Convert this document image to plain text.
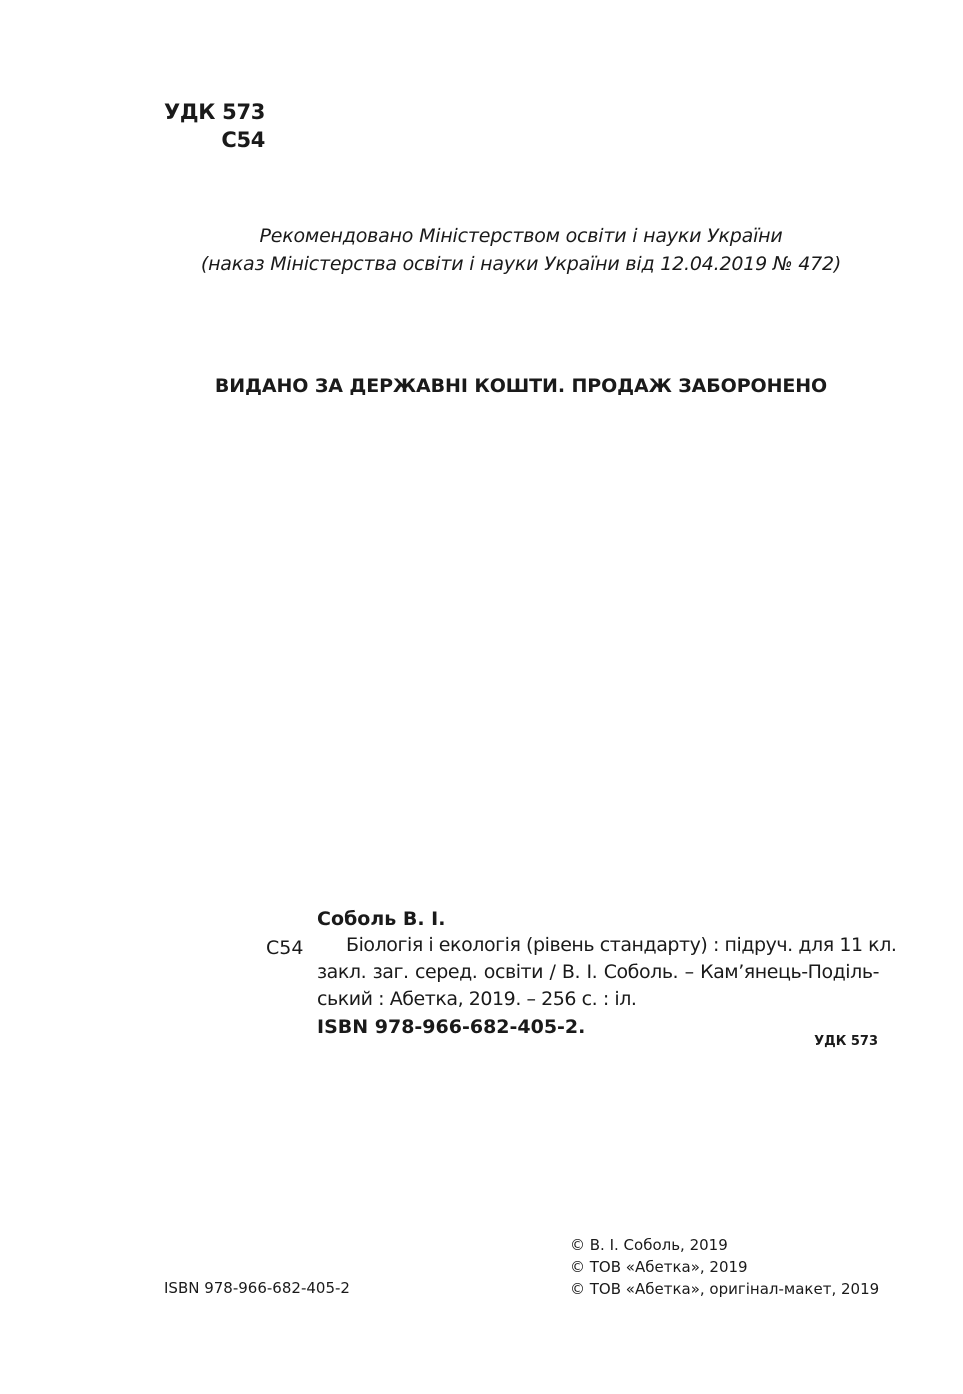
УДК 573
С54
Рекомендовано Міністерством освіти і науки України
(наказ Міністерства освіти і науки України від 12.04.2019 № 472)
ВИДАНО ЗА ДЕРЖАВНІ КОШТИ. ПРОДАЖ ЗАБОРОНЕНО
Соболь В. І.
С54	Біологія і екологія (рівень стандарту) : підруч. для 11 кл.
закл. заг. серед. освіти / В. І. Соболь. – Кам’янець-Поділь-
ський : Абетка, 2019. – 256 с. : іл.
ISBN 978-966-682-405-2.
УДК 573
© В. І. Соболь, 2019
© ТОВ «Абетка», 2019
© ТОВ «Абетка», оригінал-макет, 2019
ISBN 978-966-682-405-2
